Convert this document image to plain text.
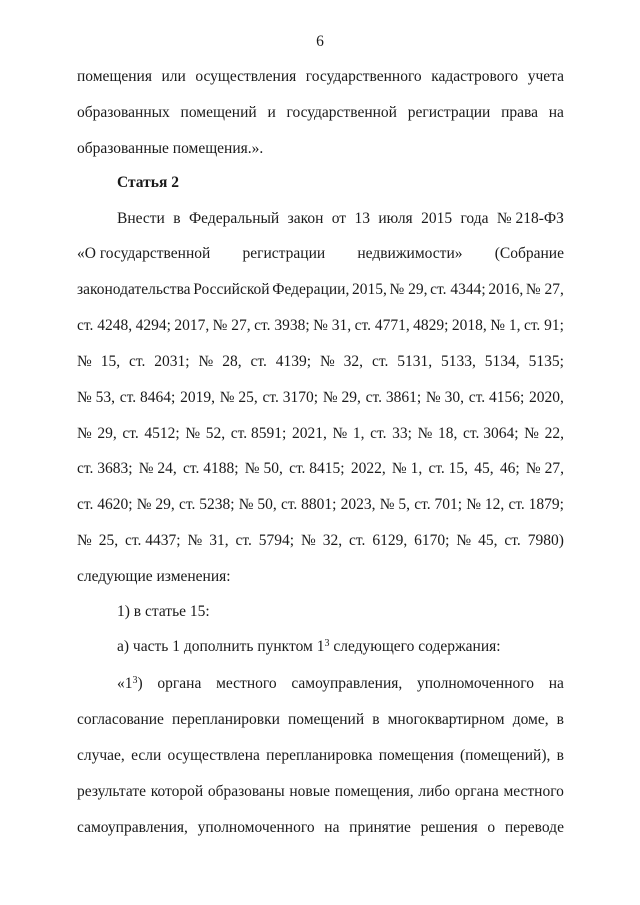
6
помещения или осуществления государственного кадастрового учета
образованных помещений и государственной регистрации права на
образованные помещения.».
Статья 2
Внести в Федеральный закон от 13 июля 2015 года № 218-ФЗ
«О государственной регистрации недвижимости» (Собрание
законодательства Российской Федерации, 2015, № 29, ст. 4344; 2016, № 27,
ст. 4248, 4294; 2017, № 27, ст. 3938; № 31, ст. 4771, 4829; 2018, № 1, ст. 91;
№ 15, ст. 2031; № 28, ст. 4139; № 32, ст. 5131, 5133, 5134, 5135;
№ 53, ст. 8464; 2019, № 25, ст. 3170; № 29, ст. 3861; № 30, ст. 4156; 2020,
№ 29, ст. 4512; № 52, ст. 8591; 2021, № 1, ст. 33; № 18, ст. 3064; № 22,
ст. 3683; № 24, ст. 4188; № 50, ст. 8415; 2022, № 1, ст. 15, 45, 46; № 27,
ст. 4620; № 29, ст. 5238; № 50, ст. 8801; 2023, № 5, ст. 701; № 12, ст. 1879;
№ 25, ст. 4437; № 31, ст. 5794; № 32, ст. 6129, 6170; № 45, ст. 7980)
следующие изменения:
1) в статье 15:
а) часть 1 дополнить пунктом $1^3$ следующего содержания:
«$1^3$) органа местного самоуправления, уполномоченного на
согласование перепланировки помещений в многоквартирном доме, в
случае, если осуществлена перепланировка помещения (помещений), в
результате которой образованы новые помещения, либо органа местного
самоуправления, уполномоченного на принятие решения о переводе
